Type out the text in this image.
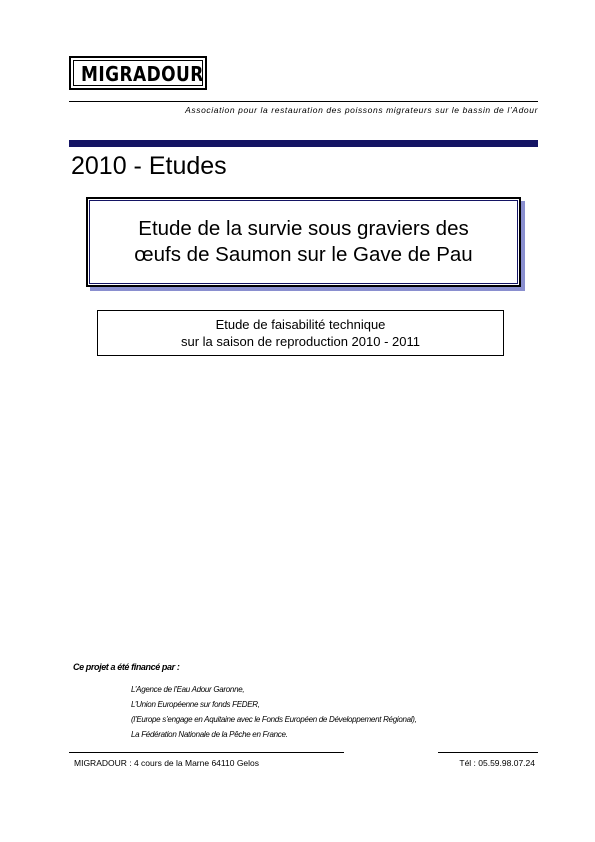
MIGRADOUR
Association pour la restauration des poissons migrateurs sur le bassin de l’Adour
2010 - Etudes
Etude de la survie sous graviers des
œufs de Saumon sur le Gave de Pau
Etude de faisabilité technique
sur la saison de reproduction 2010 - 2011
Ce projet a été financé par :
L’Agence de l’Eau Adour Garonne,
L’Union Européenne sur fonds FEDER,
(l’Europe s’engage en Aquitaine avec le Fonds Européen de Développement Régional),
La Fédération Nationale de la Pêche en France.
MIGRADOUR : 4 cours de la Marne 64110 Gelos	Tél : 05.59.98.07.24
